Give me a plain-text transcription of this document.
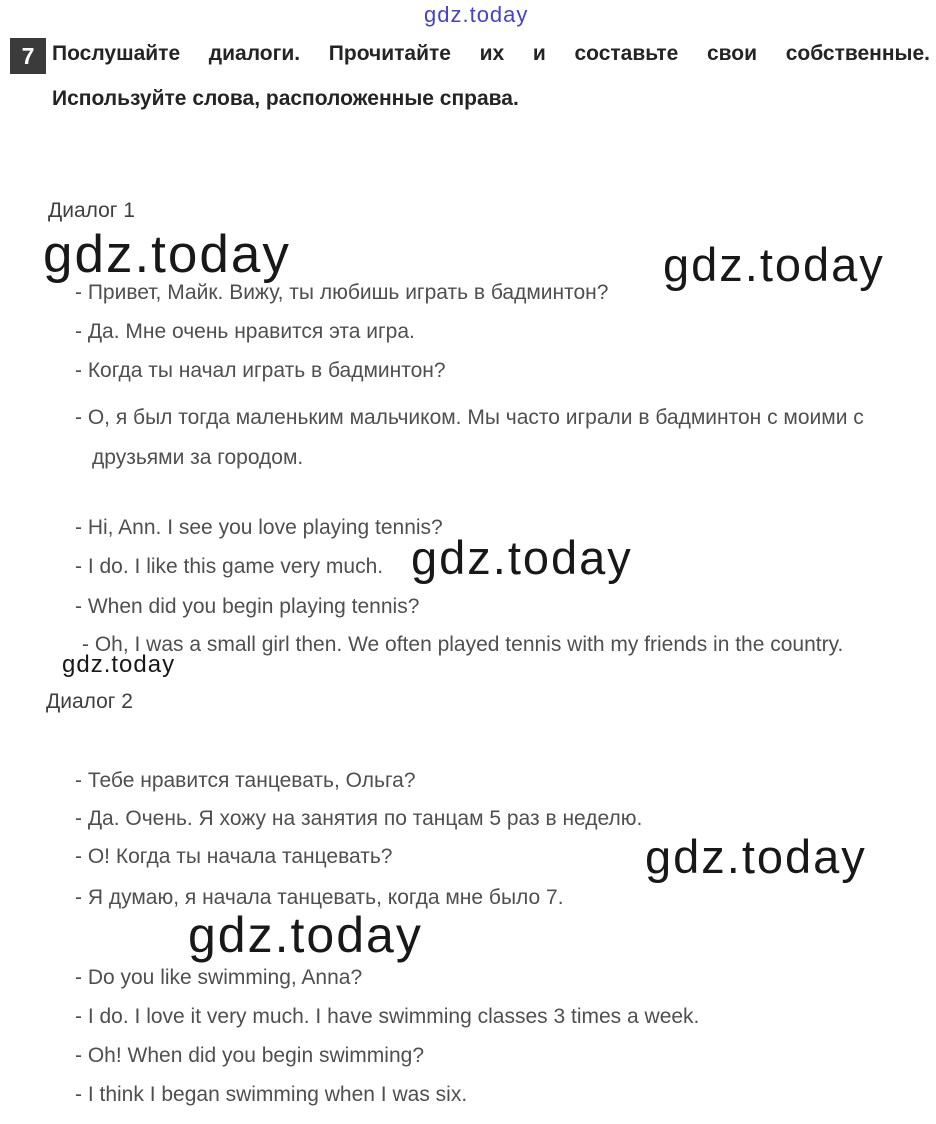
gdz.today
gdz.today	gdz.today
gdz.today
gdz.today
gdz.today
gdz.today
7 Послушайте диалоги. Прочитайте их и составьте свои собственные.
Используйте слова, расположенные справа.
Диалог 1
- Привет, Майк. Вижу, ты любишь играть в бадминтон?
- Да. Мне очень нравится эта игра.
- Когда ты начал играть в бадминтон?
- О, я был тогда маленьким мальчиком. Мы часто играли в бадминтон с моими с друзьями за городом.
- Hi, Ann. I see you love playing tennis?
- I do. I like this game very much.
- When did you begin playing tennis?
- Oh, I was a small girl then. We often played tennis with my friends in the country.
Диалог 2
- Тебе нравится танцевать, Ольга?
- Да. Очень. Я хожу на занятия по танцам 5 раз в неделю.
- О! Когда ты начала танцевать?
- Я думаю, я начала танцевать, когда мне было 7.
- Do you like swimming, Anna?
- I do. I love it very much. I have swimming classes 3 times a week.
- Oh! When did you begin swimming?
- I think I began swimming when I was six.
